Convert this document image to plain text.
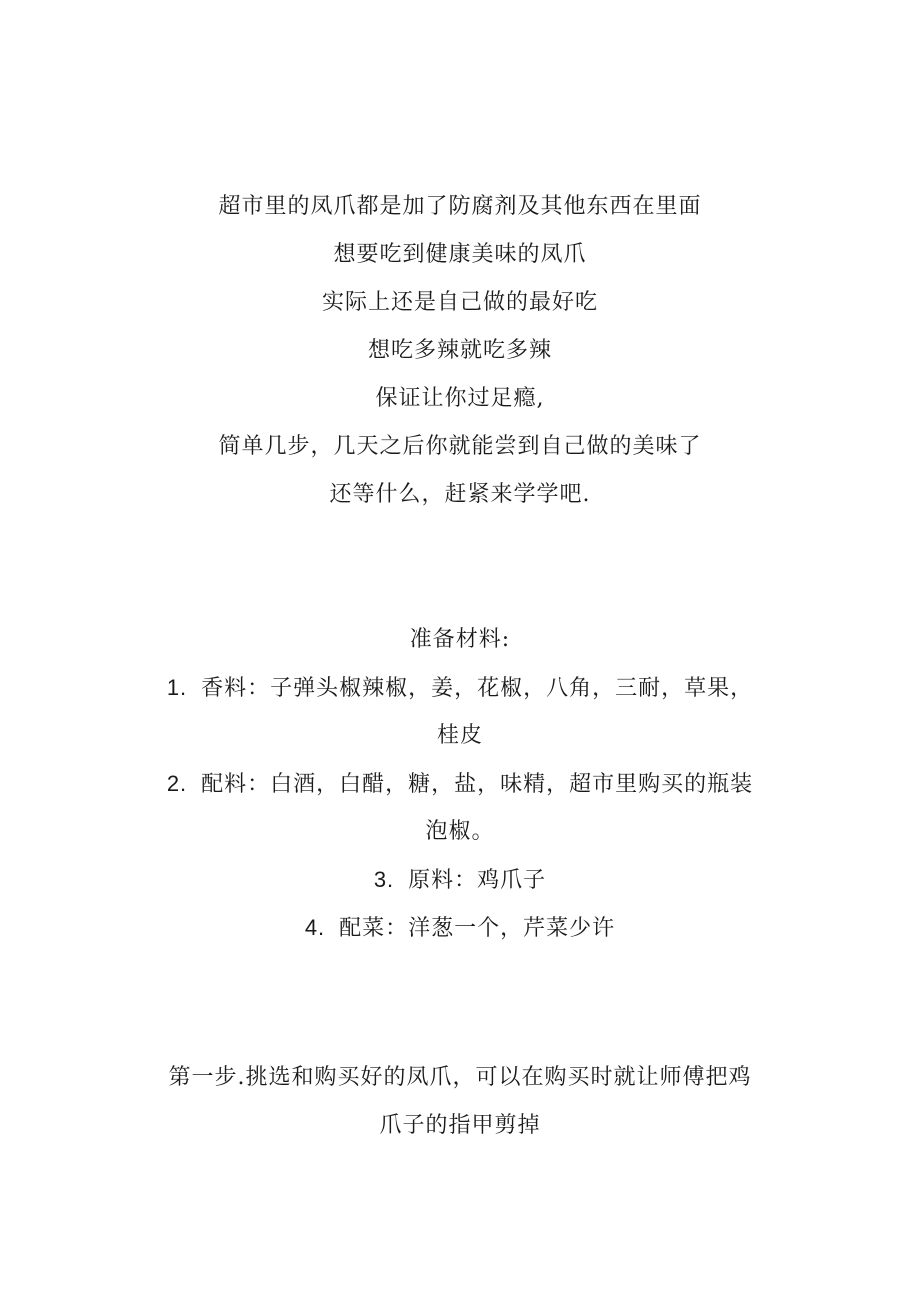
超市里的凤爪都是加了防腐剂及其他东西在里面
想要吃到健康美味的凤爪
实际上还是自己做的最好吃
想吃多辣就吃多辣
保证让你过足瘾,
简单几步，几天之后你就能尝到自己做的美味了
还等什么，赶紧来学学吧.
准备材料:
1. 香料：子弹头椒辣椒，姜，花椒，八角，三耐，草果，
桂皮
2. 配料：白酒，白醋，糖，盐，味精，超市里购买的瓶装
泡椒。
3. 原料：鸡爪子
4. 配菜：洋葱一个，芹菜少许
第一步.挑选和购买好的凤爪，可以在购买时就让师傅把鸡
爪子的指甲剪掉
